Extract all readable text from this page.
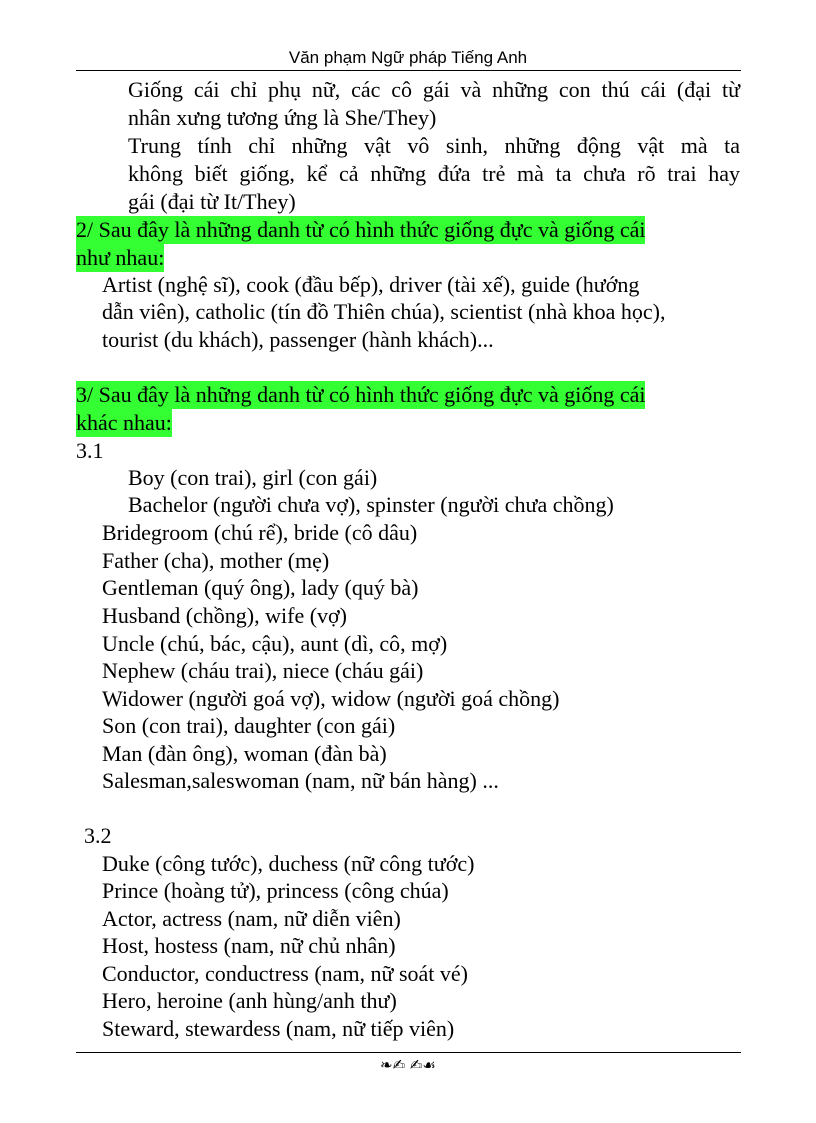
Văn phạm Ngữ pháp Tiếng Anh
Giống cái chỉ phụ nữ, các cô gái và những con thú cái (đại từ
nhân xưng tương ứng là She/They)
Trung tính chỉ những vật vô sinh, những động vật mà ta
không biết giống, kể cả những đứa trẻ mà ta chưa rõ trai hay
gái (đại từ It/They)
2/ Sau đây là những danh từ có hình thức giống đực và giống cái
như nhau:
Artist (nghệ sĩ), cook (đầu bếp), driver (tài xế), guide (hướng
dẫn viên), catholic (tín đồ Thiên chúa), scientist (nhà khoa học),
tourist (du khách), passenger (hành khách)...
3/ Sau đây là những danh từ có hình thức giống đực và giống cái
khác nhau:
3.1
Boy (con trai), girl (con gái)
Bachelor (người chưa vợ), spinster (người chưa chồng)
Bridegroom (chú rể), bride (cô dâu)
Father (cha), mother (mẹ)
Gentleman (quý ông), lady (quý bà)
Husband (chồng), wife (vợ)
Uncle (chú, bác, cậu), aunt (dì, cô, mợ)
Nephew (cháu trai), niece (cháu gái)
Widower (người goá vợ), widow (người goá chồng)
Son (con trai), daughter (con gái)
Man (đàn ông), woman (đàn bà)
Salesman,saleswoman (nam, nữ bán hàng) ...
3.2
Duke (công tước), duchess (nữ công tước)
Prince (hoàng tử), princess (công chúa)
Actor, actress (nam, nữ diễn viên)
Host, hostess (nam, nữ chủ nhân)
Conductor, conductress (nam, nữ soát vé)
Hero, heroine (anh hùng/anh thư)
Steward, stewardess (nam, nữ tiếp viên)
❧✍ ✍☙
